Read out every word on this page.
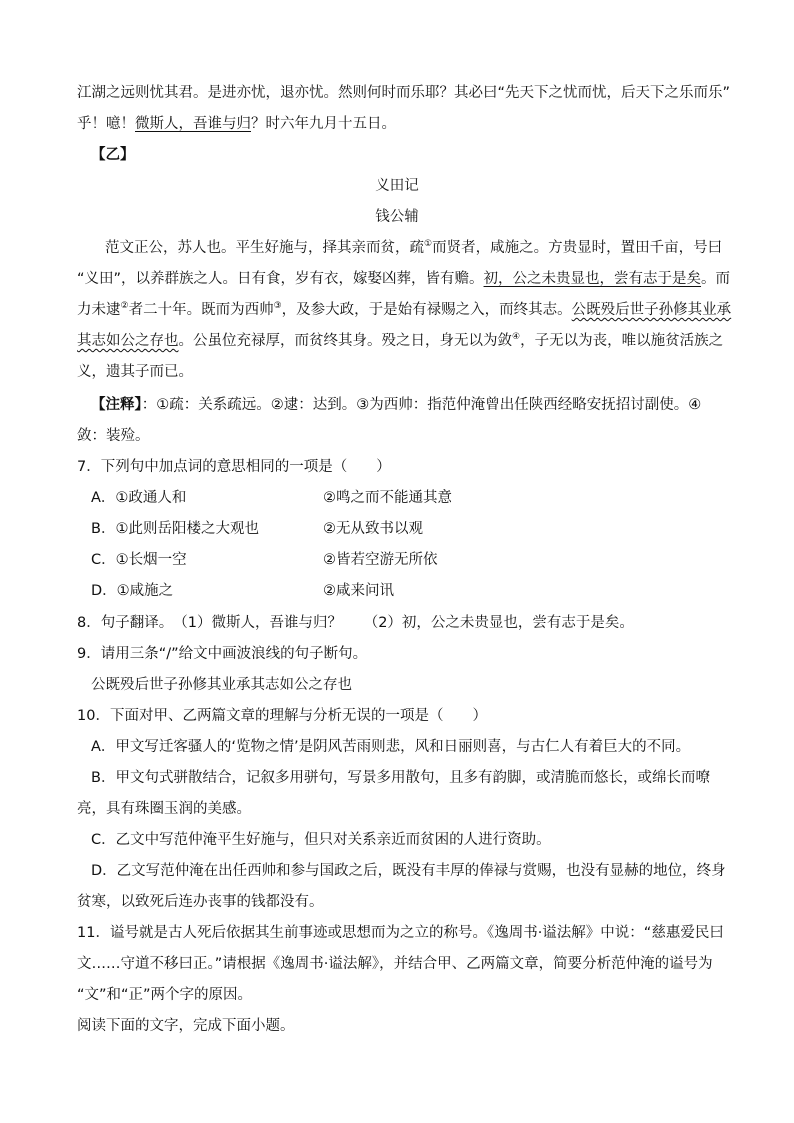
江湖之远则忧其君。是进亦忧，退亦忧。然则何时而乐耶？其必曰“先天下之忧而忧，后天下之乐而乐”
乎！噫！微斯人，吾谁与归？时六年九月十五日。
【乙】
义田记
钱公辅
范文正公，苏人也。平生好施与，择其亲而贫，疏①而贤者，咸施之。方贵显时，置田千亩，号曰
“义田”，以养群族之人。日有食，岁有衣，嫁娶凶葬，皆有赡。初，公之未贵显也，尝有志于是矣。而
力未逮②者二十年。既而为西帅③，及参大政，于是始有禄赐之入，而终其志。公既殁后世子孙修其业承
其志如公之存也。公虽位充禄厚，而贫终其身。殁之日，身无以为敛④，子无以为丧，唯以施贫活族之
义，遗其子而已。
【注释】：①疏：关系疏远。②逮：达到。③为西帅：指范仲淹曾出任陕西经略安抚招讨副使。④
敛：装殓。
7．下列句中加点词的意思相同的一项是（　　）
A．①政通人和	②鸣之而不能通其意
B．①此则岳阳楼之大观也	②无从致书以观
C．①长烟一空	②皆若空游无所依
D．①咸施之	②咸来问讯
8．句子翻译。　（1）微斯人，吾谁与归？　　（2）初，公之未贵显也，尝有志于是矣。
9．请用三条“/”给文中画波浪线的句子断句。
公既殁后世子孙修其业承其志如公之存也
10．下面对甲、乙两篇文章的理解与分析无误的一项是（　　）
A．甲文写迁客骚人的‘览物之情’是阴风苦雨则悲，风和日丽则喜，与古仁人有着巨大的不同。
B．甲文句式骈散结合，记叙多用骈句，写景多用散句，且多有韵脚，或清脆而悠长，或绵长而嘹
亮，具有珠圈玉润的美感。
C．乙文中写范仲淹平生好施与，但只对关系亲近而贫困的人进行资助。
D．乙文写范仲淹在出任西帅和参与国政之后，既没有丰厚的俸禄与赏赐，也没有显赫的地位，终身
贫寒，以致死后连办丧事的钱都没有。
11．谥号就是古人死后依据其生前事迹或思想而为之立的称号。《逸周书·谥法解》中说：“慈惠爱民曰
文……守道不移曰正。”请根据《逸周书·谥法解》，并结合甲、乙两篇文章，简要分析范仲淹的谥号为
“文”和“正”两个字的原因。
阅读下面的文字，完成下面小题。
